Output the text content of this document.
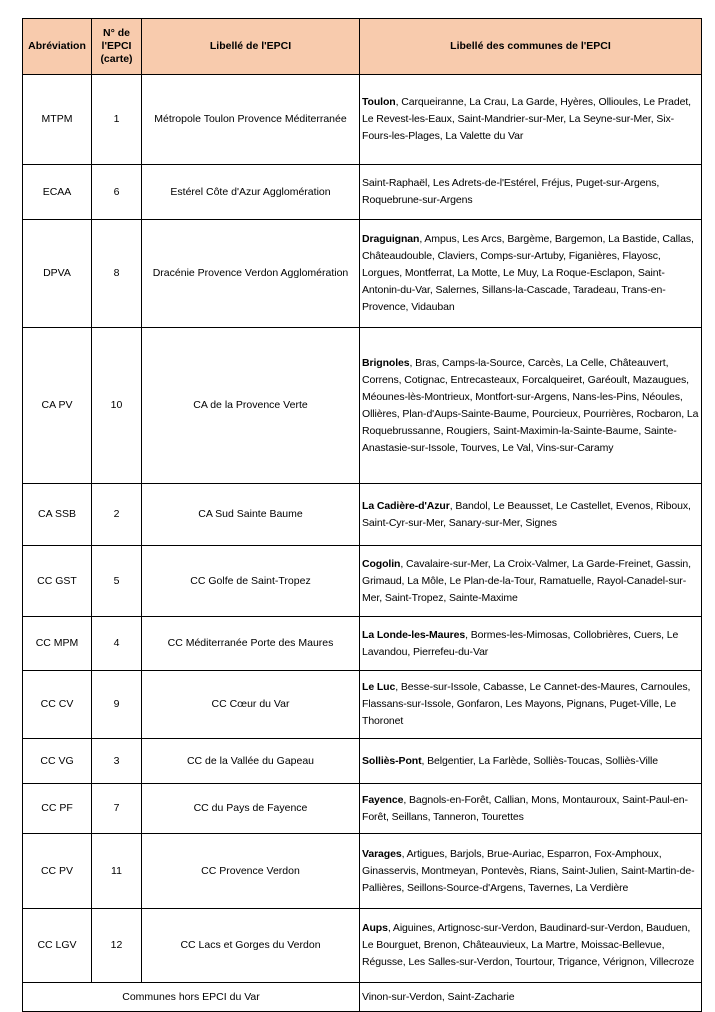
Abréviation	N° de l'EPCI (carte)	Libellé de l'EPCI	Libellé des communes de l'EPCI
MTPM	1	Métropole Toulon Provence Méditerranée	Toulon, Carqueiranne, La Crau, La Garde, Hyères, Ollioules, Le Pradet, Le Revest-les-Eaux, Saint-Mandrier-sur-Mer, La Seyne-sur-Mer, Six-Fours-les-Plages, La Valette du Var
ECAA	6	Estérel Côte d'Azur Agglomération	Saint-Raphaël, Les Adrets-de-l'Estérel, Fréjus, Puget-sur-Argens, Roquebrune-sur-Argens
DPVA	8	Dracénie Provence Verdon Agglomération	Draguignan, Ampus, Les Arcs, Bargème, Bargemon, La Bastide, Callas, Châteaudouble, Claviers, Comps-sur-Artuby, Figanières, Flayosc, Lorgues, Montferrat, La Motte, Le Muy, La Roque-Esclapon, Saint-Antonin-du-Var, Salernes, Sillans-la-Cascade, Taradeau, Trans-en-Provence, Vidauban
CA PV	10	CA de la Provence Verte	Brignoles, Bras, Camps-la-Source, Carcès, La Celle, Châteauvert, Correns, Cotignac, Entrecasteaux, Forcalqueiret, Garéoult, Mazaugues, Méounes-lès-Montrieux, Montfort-sur-Argens, Nans-les-Pins, Néoules, Ollières, Plan-d'Aups-Sainte-Baume, Pourcieux, Pourrières, Rocbaron, La Roquebrussanne, Rougiers, Saint-Maximin-la-Sainte-Baume, Sainte-Anastasie-sur-Issole, Tourves, Le Val, Vins-sur-Caramy
CA SSB	2	CA Sud Sainte Baume	La Cadière-d'Azur, Bandol, Le Beausset, Le Castellet, Evenos, Riboux, Saint-Cyr-sur-Mer, Sanary-sur-Mer, Signes
CC GST	5	CC Golfe de Saint-Tropez	Cogolin, Cavalaire-sur-Mer, La Croix-Valmer, La Garde-Freinet, Gassin, Grimaud, La Môle, Le Plan-de-la-Tour, Ramatuelle, Rayol-Canadel-sur-Mer, Saint-Tropez, Sainte-Maxime
CC MPM	4	CC Méditerranée Porte des Maures	La Londe-les-Maures, Bormes-les-Mimosas, Collobrières, Cuers, Le Lavandou, Pierrefeu-du-Var
CC CV	9	CC Cœur du Var	Le Luc, Besse-sur-Issole, Cabasse, Le Cannet-des-Maures, Carnoules, Flassans-sur-Issole, Gonfaron, Les Mayons, Pignans, Puget-Ville, Le Thoronet
CC VG	3	CC de la Vallée du Gapeau	Solliès-Pont, Belgentier, La Farlède, Solliès-Toucas, Solliès-Ville
CC PF	7	CC du Pays de Fayence	Fayence, Bagnols-en-Forêt, Callian, Mons, Montauroux, Saint-Paul-en-Forêt, Seillans, Tanneron, Tourettes
CC PV	11	CC Provence Verdon	Varages, Artigues, Barjols, Brue-Auriac, Esparron, Fox-Amphoux, Ginasservis, Montmeyan, Pontevès, Rians, Saint-Julien, Saint-Martin-de-Pallières, Seillons-Source-d'Argens, Tavernes, La Verdière
CC LGV	12	CC Lacs et Gorges du Verdon	Aups, Aiguines, Artignosc-sur-Verdon, Baudinard-sur-Verdon, Bauduen, Le Bourguet, Brenon, Châteauvieux, La Martre, Moissac-Bellevue, Régusse, Les Salles-sur-Verdon, Tourtour, Trigance, Vérignon, Villecroze
Communes hors EPCI du Var			Vinon-sur-Verdon, Saint-Zacharie
